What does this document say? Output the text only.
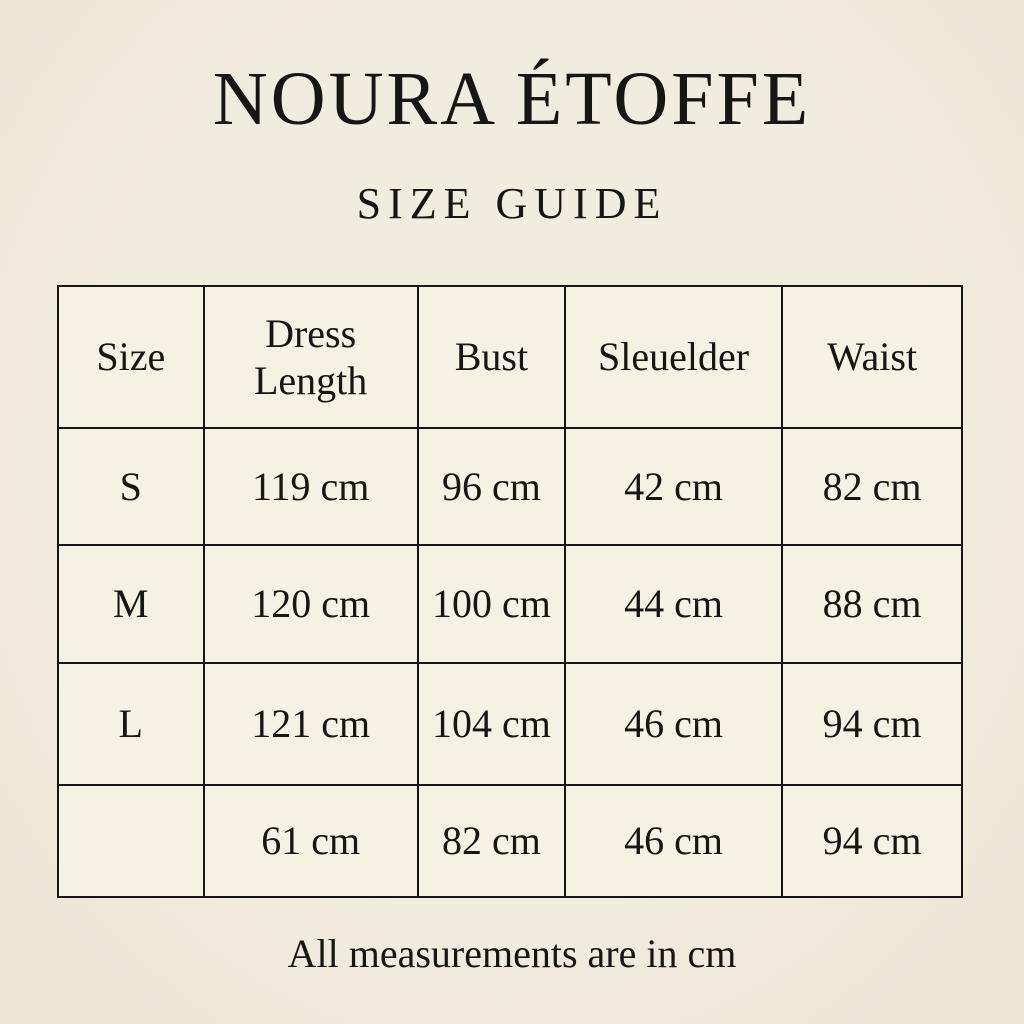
NOURA ÉTOFFE
SIZE GUIDE
Size	Dress Length	Bust	Sleuelder	Waist
S	119 cm	96 cm	42 cm	82 cm
M	120 cm	100 cm	44 cm	88 cm
L	121 cm	104 cm	46 cm	94 cm
	61 cm	82 cm	46 cm	94 cm
All measurements are in cm
